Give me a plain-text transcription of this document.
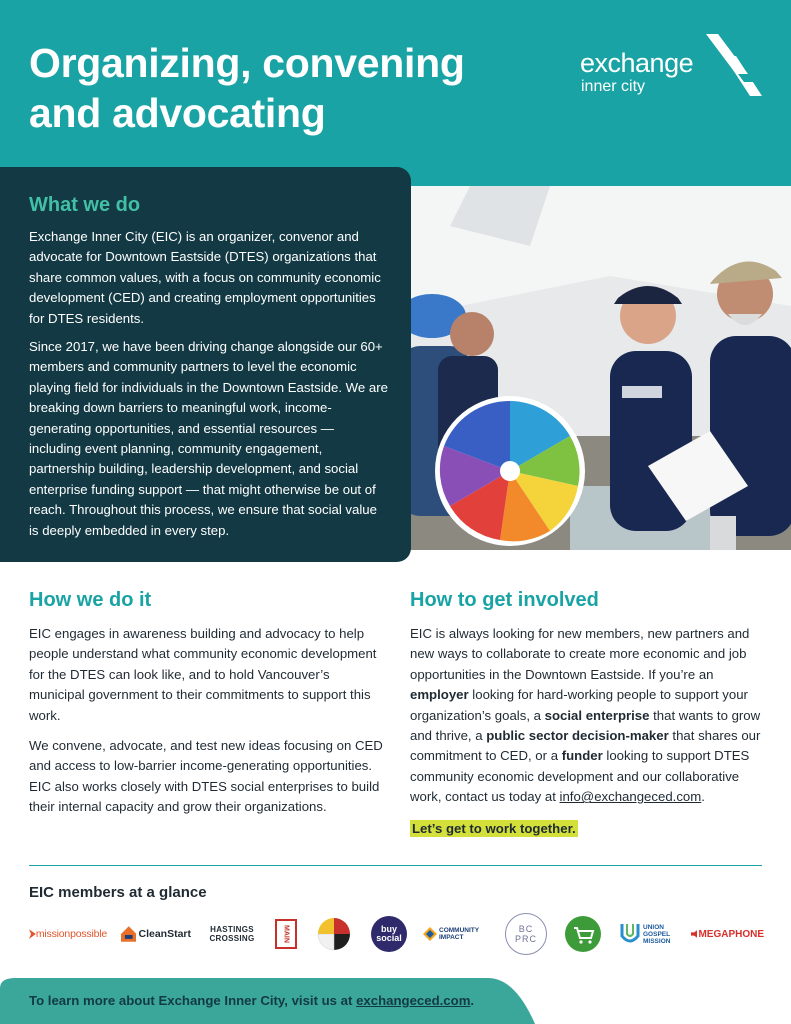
Organizing, convening
and advocating
exchange
inner city
What we do

Exchange Inner City (EIC) is an organizer, convenor and advocate for Downtown Eastside (DTES) organizations that share common values, with a focus on community economic development (CED) and creating employment opportunities for DTES residents.

Since 2017, we have been driving change alongside our 60+ members and community partners to level the economic playing field for individuals in the Downtown Eastside. We are breaking down barriers to meaningful work, income-generating opportunities, and essential resources — including event planning, community engagement, partnership building, leadership development, and social enterprise funding support — that might otherwise be out of reach. Throughout this process, we ensure that social value is deeply embedded in every step.

How we do it

EIC engages in awareness building and advocacy to help people understand what community economic development for the DTES can look like, and to hold Vancouver’s municipal government to their commitments to support this work.

We convene, advocate, and test new ideas focusing on CED and access to low-barrier income-generating opportunities. EIC also works closely with DTES social enterprises to build their internal capacity and grow their organizations.

How to get involved

EIC is always looking for new members, new partners and new ways to collaborate to create more economic and job opportunities in the Downtown Eastside. If you’re an employer looking for hard-working people to support your organization’s goals, a social enterprise that wants to grow and thrive, a public sector decision-maker that shares our commitment to CED, or a funder looking to support DTES community economic development and our collaborative work, contact us today at info@exchangeced.com.

Let’s get to work together.
EIC members at a glance
missionpossible	CleanStart HASTINGS
CROSSING	MAIN	buy
social
COMMUNITY
IMPACT
BC
PRC
UNION
GOSPEL
MISSION
MEGAPHONE
To learn more about Exchange Inner City, visit us at exchangeced.com.
